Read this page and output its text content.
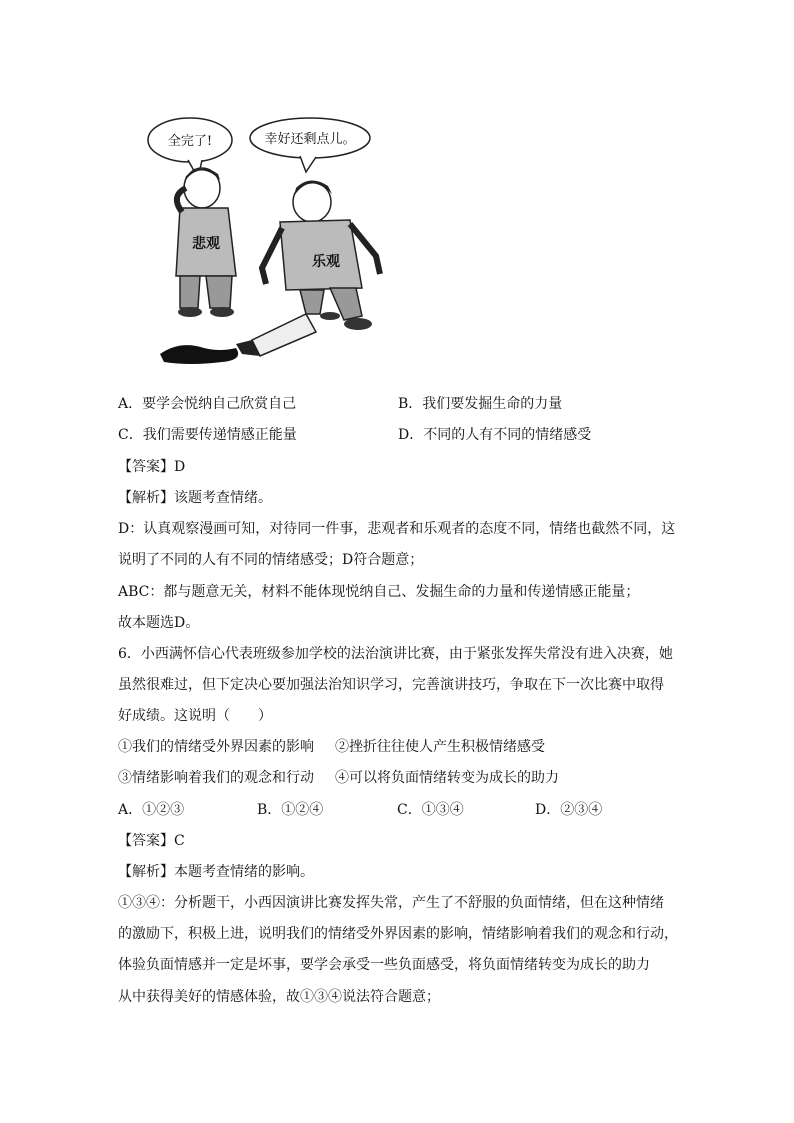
全完了!	幸好还剩点儿。
悲观
乐观
A．要学会悦纳自己欣赏自己	B．我们要发掘生命的力量
C．我们需要传递情感正能量	D．不同的人有不同的情绪感受
【答案】D
【解析】该题考查情绪。
D：认真观察漫画可知，对待同一件事，悲观者和乐观者的态度不同，情绪也截然不同，这
说明了不同的人有不同的情绪感受；D符合题意；
ABC：都与题意无关，材料不能体现悦纳自己、发掘生命的力量和传递情感正能量；
故本题选D。
6．小西满怀信心代表班级参加学校的法治演讲比赛，由于紧张发挥失常没有进入决赛，她
虽然很难过，但下定决心要加强法治知识学习，完善演讲技巧，争取在下一次比赛中取得
好成绩。这说明（　　）
①我们的情绪受外界因素的影响 ②挫折往往使人产生积极情绪感受
③情绪影响着我们的观念和行动 ④可以将负面情绪转变为成长的助力
A．①②③	B．①②④	C．①③④	D．②③④
【答案】C
【解析】本题考查情绪的影响。
①③④：分析题干，小西因演讲比赛发挥失常，产生了不舒服的负面情绪，但在这种情绪
的激励下，积极上进，说明我们的情绪受外界因素的影响，情绪影响着我们的观念和行动，
体验负面情感并一定是坏事，要学会承受一些负面感受，将负面情绪转变为成长的助力
从中获得美好的情感体验，故①③④说法符合题意；
